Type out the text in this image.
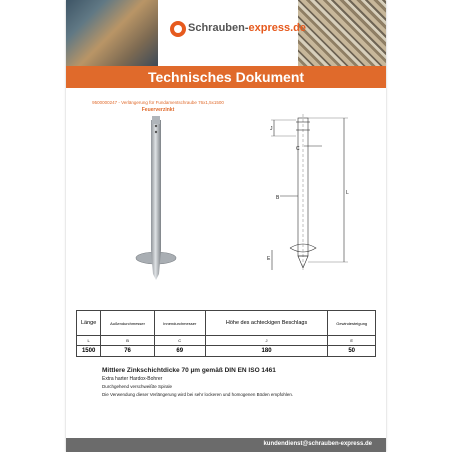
Schrauben-express.de
Technisches Dokument
9500000247 - Verlängerung für Fundamentschraube 76x1,5x1500
Feuerverzinkt
J
C
B
L
E
Länge	Außendurchmesser	Innendurchmesser	Höhe des achteckigen Beschlags	Gewindesteigung
L	B	C	J	E
1500	76	69	180	50
Mittlere Zinkschichtdicke 70 µm gemäß DIN EN ISO 1461
Extra harter Hardox-Bohrer
Durchgehend verschweißte Spirale
Die Verwendung dieser Verlängerung wird bei sehr lockeren und homogenen Böden empfohlen.
kundendienst@schrauben-express.de
